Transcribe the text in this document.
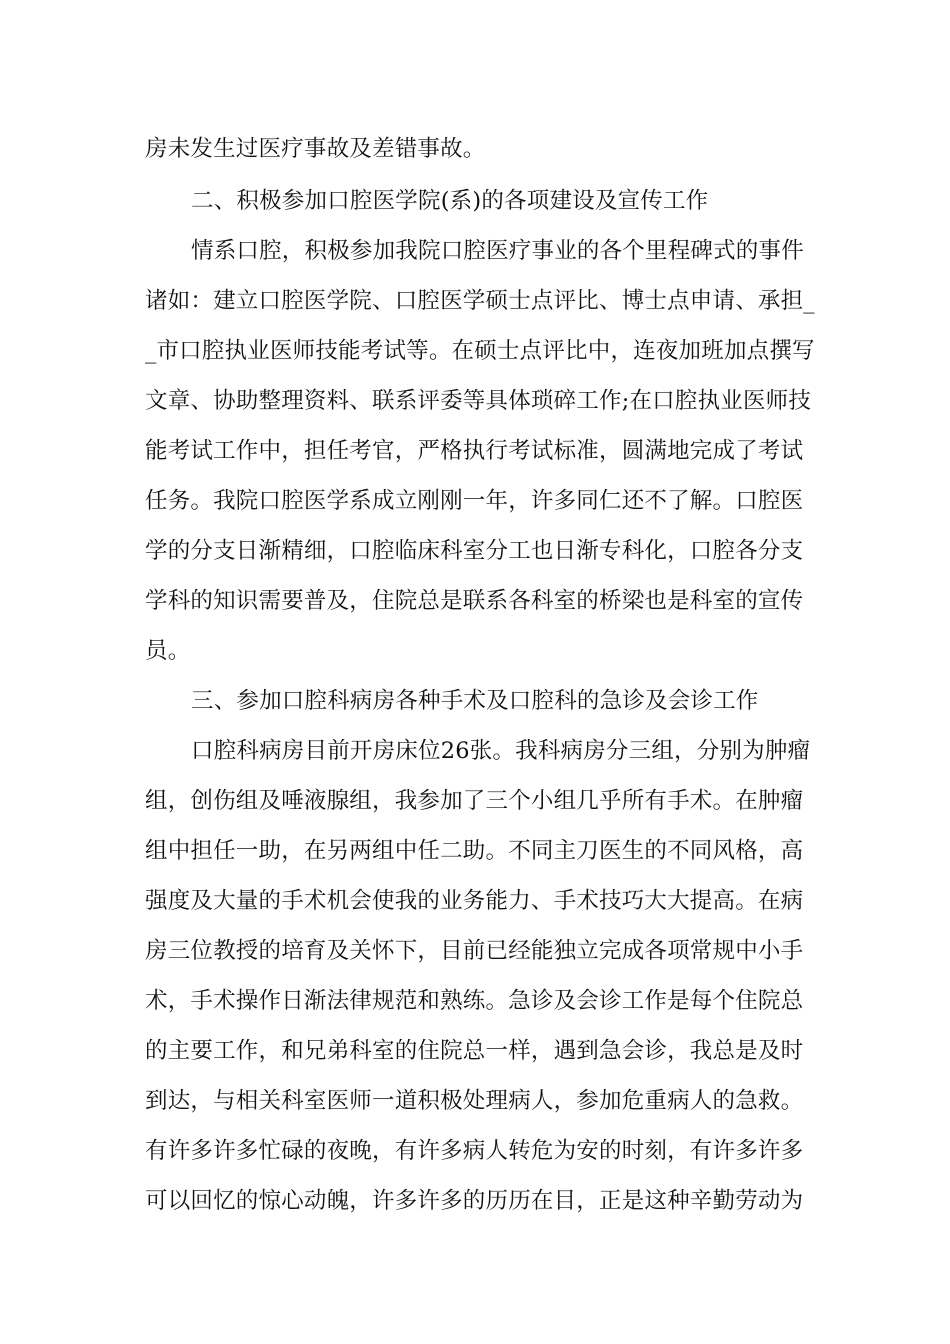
房未发生过医疗事故及差错事故。
二、积极参加口腔医学院(系)的各项建设及宣传工作
情系口腔，积极参加我院口腔医疗事业的各个里程碑式的事件
诸如：建立口腔医学院、口腔医学硕士点评比、博士点申请、承担_
_市口腔执业医师技能考试等。在硕士点评比中，连夜加班加点撰写
文章、协助整理资料、联系评委等具体琐碎工作;在口腔执业医师技
能考试工作中，担任考官，严格执行考试标准，圆满地完成了考试
任务。我院口腔医学系成立刚刚一年，许多同仁还不了解。口腔医
学的分支日渐精细，口腔临床科室分工也日渐专科化，口腔各分支
学科的知识需要普及，住院总是联系各科室的桥梁也是科室的宣传
员。
三、参加口腔科病房各种手术及口腔科的急诊及会诊工作
口腔科病房目前开房床位26张。我科病房分三组，分别为肿瘤
组，创伤组及唾液腺组，我参加了三个小组几乎所有手术。在肿瘤
组中担任一助，在另两组中任二助。不同主刀医生的不同风格，高
强度及大量的手术机会使我的业务能力、手术技巧大大提高。在病
房三位教授的培育及关怀下，目前已经能独立完成各项常规中小手
术，手术操作日渐法律规范和熟练。急诊及会诊工作是每个住院总
的主要工作，和兄弟科室的住院总一样，遇到急会诊，我总是及时
到达，与相关科室医师一道积极处理病人，参加危重病人的急救。
有许多许多忙碌的夜晚，有许多病人转危为安的时刻，有许多许多
可以回忆的惊心动魄，许多许多的历历在目，正是这种辛勤劳动为
